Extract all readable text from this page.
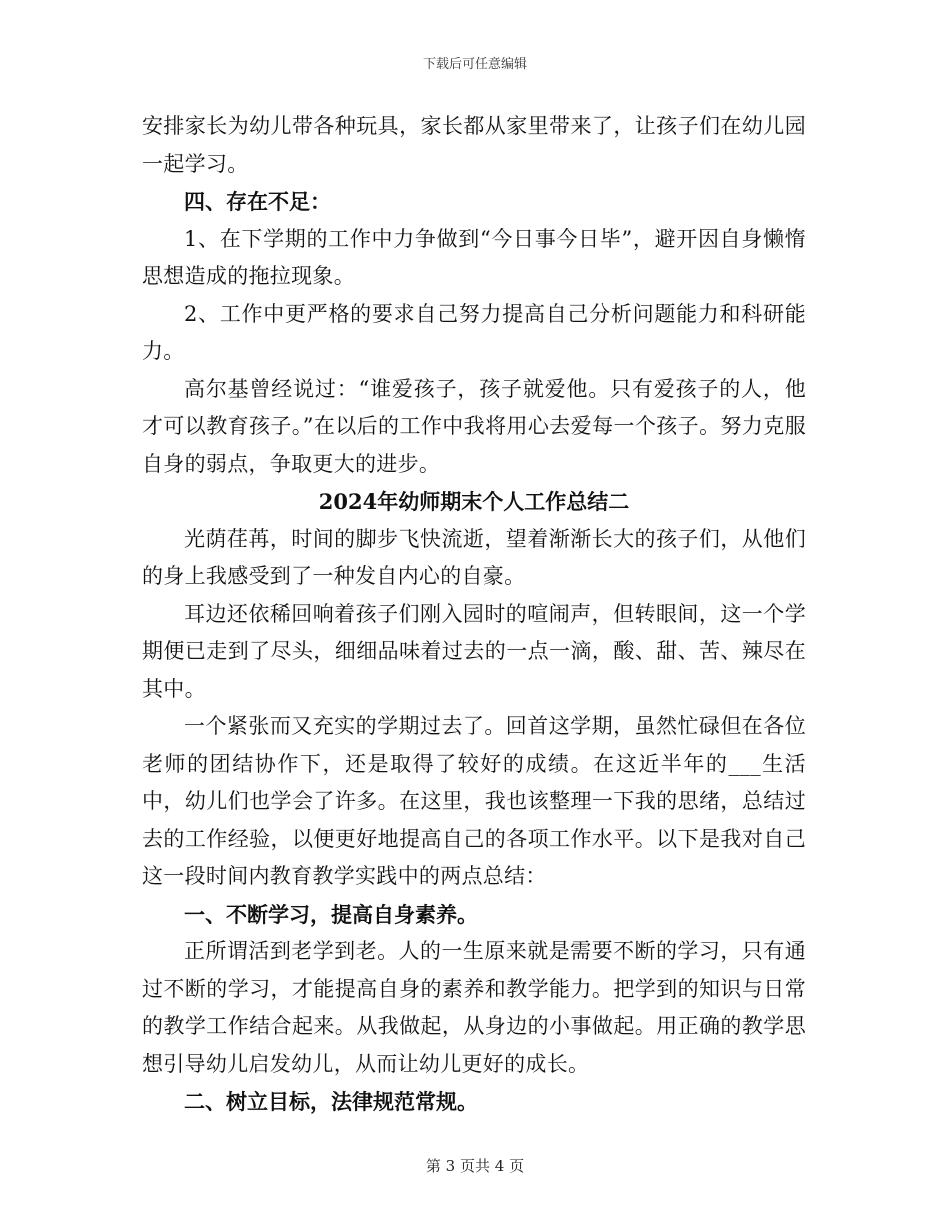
下载后可任意编辑

安排家长为幼儿带各种玩具，家长都从家里带来了，让孩子们在幼儿园一起学习。

四、存在不足：

1、在下学期的工作中力争做到“今日事今日毕”，避开因自身懒惰思想造成的拖拉现象。

2、工作中更严格的要求自己努力提高自己分析问题能力和科研能力。

高尔基曾经说过：“谁爱孩子，孩子就爱他。只有爱孩子的人，他才可以教育孩子。”在以后的工作中我将用心去爱每一个孩子。努力克服自身的弱点，争取更大的进步。

2024年幼师期末个人工作总结二

光荫荏苒，时间的脚步飞快流逝，望着渐渐长大的孩子们，从他们的身上我感受到了一种发自内心的自豪。

耳边还依稀回响着孩子们刚入园时的喧闹声，但转眼间，这一个学期便已走到了尽头，细细品味着过去的一点一滴，酸、甜、苦、辣尽在其中。

一个紧张而又充实的学期过去了。回首这学期，虽然忙碌但在各位老师的团结协作下，还是取得了较好的成绩。在这近半年的___生活中，幼儿们也学会了许多。在这里，我也该整理一下我的思绪，总结过去的工作经验，以便更好地提高自己的各项工作水平。以下是我对自己这一段时间内教育教学实践中的两点总结：

一、不断学习，提高自身素养。

正所谓活到老学到老。人的一生原来就是需要不断的学习，只有通过不断的学习，才能提高自身的素养和教学能力。把学到的知识与日常的教学工作结合起来。从我做起，从身边的小事做起。用正确的教学思想引导幼儿启发幼儿，从而让幼儿更好的成长。

二、树立目标，法律规范常规。

第 3 页共 4 页
